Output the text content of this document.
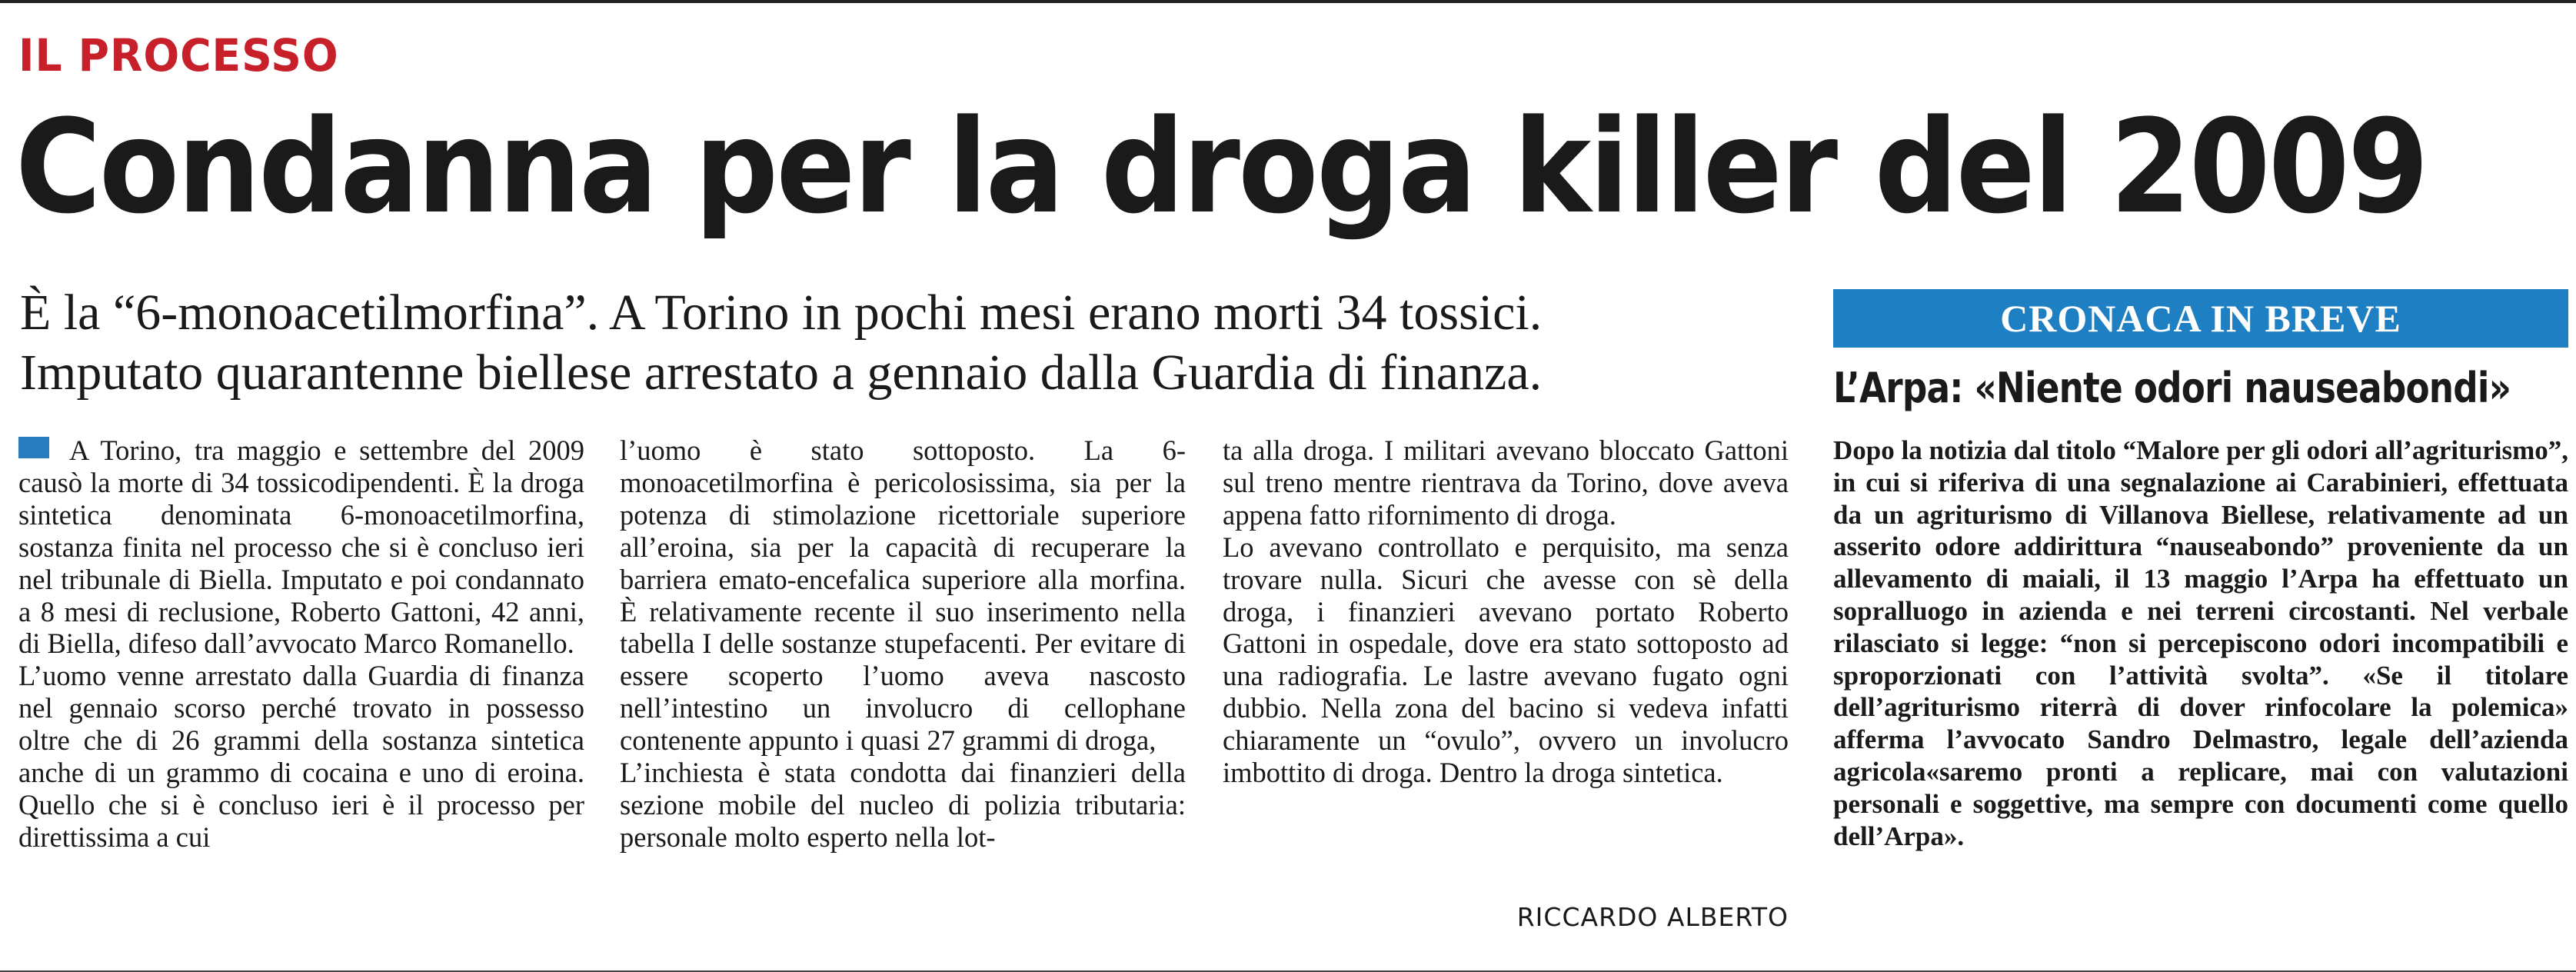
IL PROCESSO
Condanna per la droga killer del 2009
È la “6-monoacetilmorfina”. A Torino in pochi mesi erano morti 34 tossici.
Imputato quarantenne biellese arrestato a gennaio dalla Guardia di finanza.

A Torino, tra maggio e settembre del 2009 causò la morte di 34 tossicodipendenti. È la droga sintetica denominata 6-monoacetilmorfina, sostanza finita nel processo che si è concluso ieri nel tribunale di Biella. Imputato e poi condannato a 8 mesi di reclusione, Roberto Gattoni, 42 anni, di Biella, difeso dall’avvocato Marco Romanello.

L’uomo venne arrestato dalla Guardia di finanza nel gennaio scorso perché trovato in possesso oltre che di 26 grammi della sostanza sintetica anche di un grammo di cocaina e uno di eroina. Quello che si è concluso ieri è il processo per direttissima a cui

l’uomo è stato sottoposto. La 6-monoacetilmorfina è pericolosissima, sia per la potenza di stimolazione ricettoriale superiore all’eroina, sia per la capacità di recuperare la barriera emato-encefalica superiore alla morfina. È relativamente recente il suo inserimento nella tabella I delle sostanze stupefacenti. Per evitare di essere scoperto l’uomo aveva nascosto nell’intestino un involucro di cellophane contenente appunto i quasi 27 grammi di droga,

L’inchiesta è stata condotta dai finanzieri della sezione mobile del nucleo di polizia tributaria: personale molto esperto nella lot-

ta alla droga. I militari avevano bloccato Gattoni sul treno mentre rientrava da Torino, dove aveva appena fatto rifornimento di droga.

Lo avevano controllato e perquisito, ma senza trovare nulla. Sicuri che avesse con sè della droga, i finanzieri avevano portato Roberto Gattoni in ospedale, dove era stato sottoposto ad una radiografia. Le lastre avevano fugato ogni dubbio. Nella zona del bacino si vedeva infatti chiaramente un “ovulo”, ovvero un involucro imbottito di droga. Dentro la droga sintetica.

RICCARDO ALBERTO
CRONACA IN BREVE
L’Arpa: «Niente odori nauseabondi»
Dopo la notizia dal titolo “Malore per gli odori all’agriturismo”, in cui si riferiva di una segnalazione ai Carabinieri, effettuata da un agriturismo di Villanova Biellese, relativamente ad un asserito odore addirittura “nauseabondo” proveniente da un allevamento di maiali, il 13 maggio l’Arpa ha effettuato un sopralluogo in azienda e nei terreni circostanti. Nel verbale rilasciato si legge: “non si percepiscono odori incompatibili e sproporzionati con l’attività svolta”. «Se il titolare dell’agriturismo riterrà di dover rinfocolare la polemica» afferma l’avvocato Sandro Delmastro, legale dell’azienda agricola«saremo pronti a replicare, mai con valutazioni personali e soggettive, ma sempre con documenti come quello dell’Arpa».
